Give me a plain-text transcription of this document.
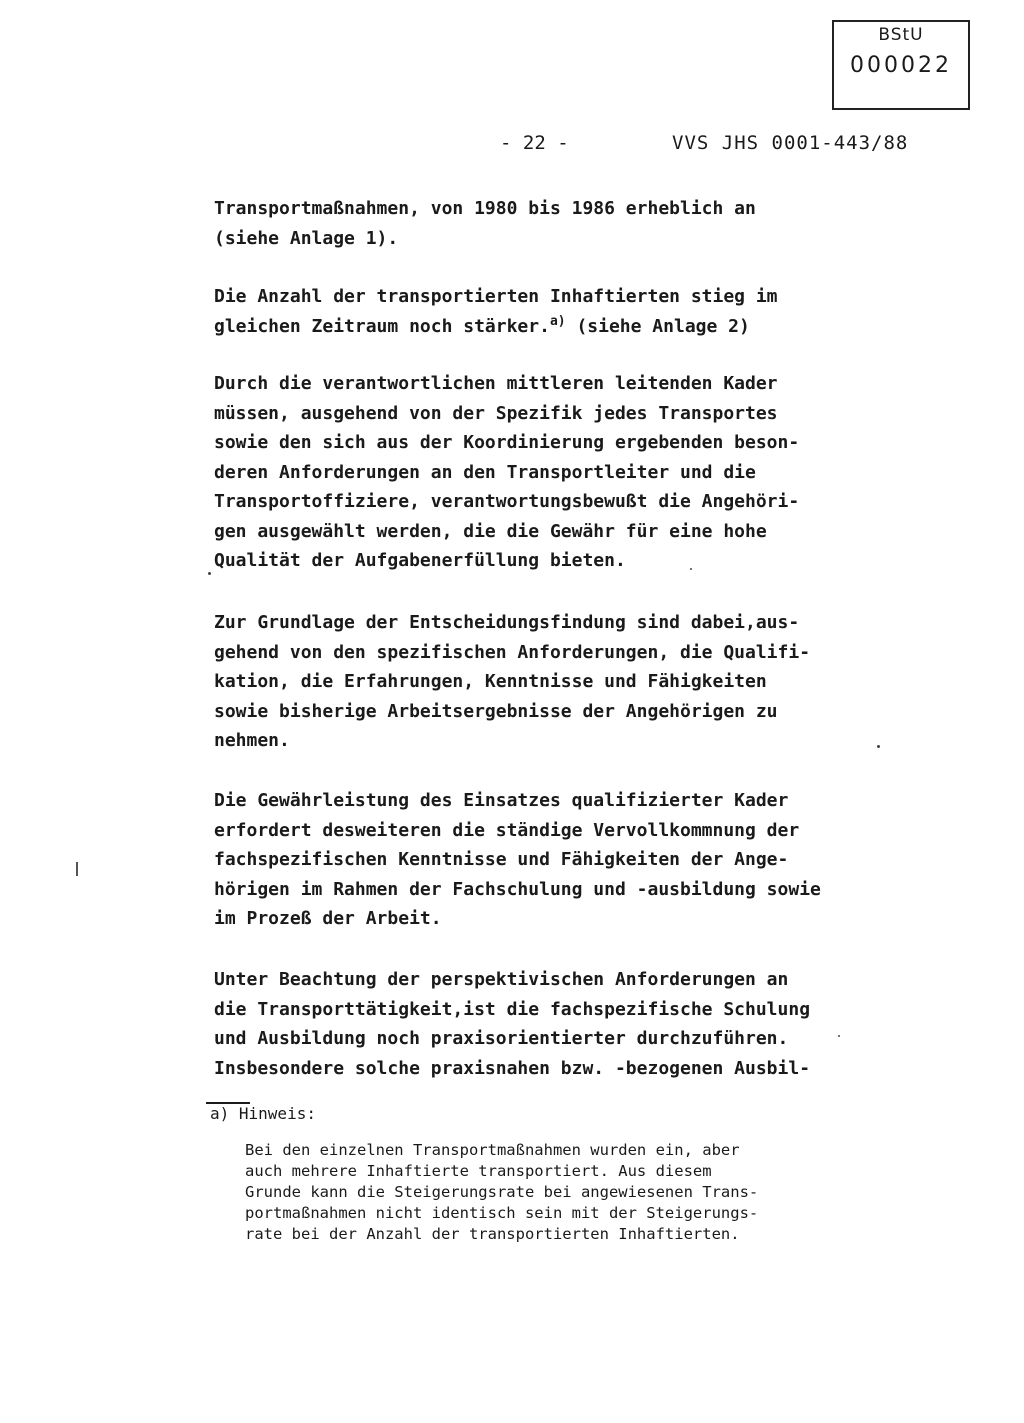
BStU
000022
- 22 -	VVS JHS 0001-443/88
Transportmaßnahmen, von 1980 bis 1986 erheblich an
(siehe Anlage 1).
Die Anzahl der transportierten Inhaftierten stieg im
gleichen Zeitraum noch stärker.$^{a)}$ (siehe Anlage 2)
Durch die verantwortlichen mittleren leitenden Kader
müssen, ausgehend von der Spezifik jedes Transportes
sowie den sich aus der Koordinierung ergebenden beson-
deren Anforderungen an den Transportleiter und die
Transportoffiziere, verantwortungsbewußt die Angehöri-
gen ausgewählt werden, die die Gewähr für eine hohe
Qualität der Aufgabenerfüllung bieten.
Zur Grundlage der Entscheidungsfindung sind dabei,aus-
gehend von den spezifischen Anforderungen, die Qualifi-
kation, die Erfahrungen, Kenntnisse und Fähigkeiten
sowie bisherige Arbeitsergebnisse der Angehörigen zu
nehmen.
Die Gewährleistung des Einsatzes qualifizierter Kader
erfordert desweiteren die ständige Vervollkommnung der
fachspezifischen Kenntnisse und Fähigkeiten der Ange-
hörigen im Rahmen der Fachschulung und -ausbildung sowie
im Prozeß der Arbeit.
Unter Beachtung der perspektivischen Anforderungen an
die Transporttätigkeit,ist die fachspezifische Schulung
und Ausbildung noch praxisorientierter durchzuführen.
Insbesondere solche praxisnahen bzw. -bezogenen Ausbil-
a) Hinweis:
Bei den einzelnen Transportmaßnahmen wurden ein, aber
auch mehrere Inhaftierte transportiert. Aus diesem
Grunde kann die Steigerungsrate bei angewiesenen Trans-
portmaßnahmen nicht identisch sein mit der Steigerungs-
rate bei der Anzahl der transportierten Inhaftierten.
